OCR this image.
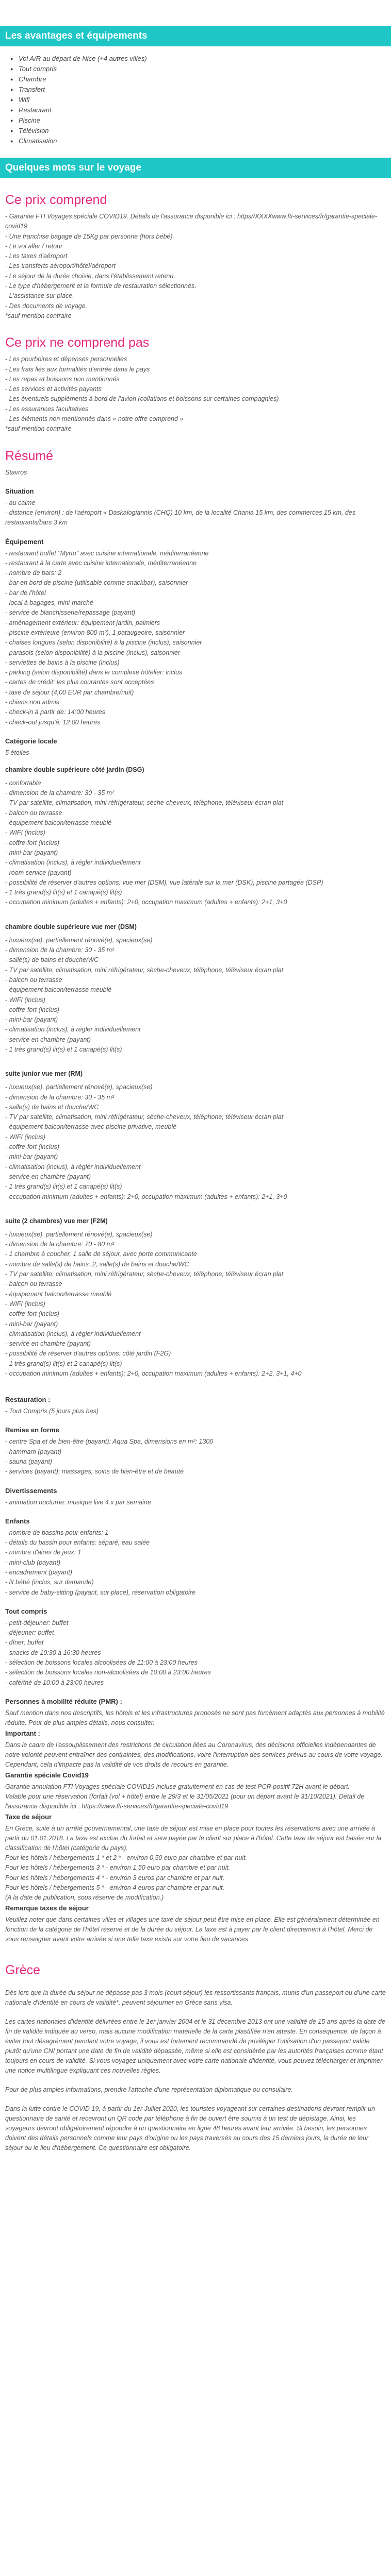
Les avantages et équipements
● Vol A/R au départ de Nice (+4 autres villes)
● Tout compris
● Chambre
● Transfert
● Wifi
● Restaurant
● Piscine
● Télévision
● Climatisation
Quelques mots sur le voyage
Ce prix comprend

- Garantie FTI Voyages spéciale COVID19. Détails de l'assurance disponible ici : https//XXXXwww.fti-services/fr/garantie-speciale-covid19

- Une franchise bagage de 15Kg par personne (hors bébé)

- Le vol aller / retour

- Les taxes d'aéroport

- Les transferts aéroport/hôtel/aéroport

- Le séjour de la durée choisie, dans l'établissement retenu.

- Le type d'hébergement et la formule de restauration sélectionnés.

- L'assistance sur place.

- Des documents de voyage.

*sauf mention contraire

Ce prix ne comprend pas

- Les pourboires et dépenses personnelles

- Les frais liés aux formalités d'entrée dans le pays

- Les repas et boissons non mentionnés

- Les services et activités payants

- Les éventuels suppléments à bord de l'avion (collations et boissons sur certaines compagnies)

- Les assurances facultatives

- Les éléments non mentionnés dans « notre offre comprend »

*sauf mention contraire

Résumé

Stavros

Situation

- au calme

- distance (environ) : de l'aéroport « Daskalogiannis (CHQ) 10 km, de la localité Chania 15 km, des commerces 15 km, des restaurants/bars 3 km

Équipement

- restaurant buffet "Myrto" avec cuisine internationale, méditerranéenne

- restaurant à la carte avec cuisine internationale, méditerranéenne

- nombre de bars: 2

- bar en bord de piscine (utilisable comme snackbar), saisonnier

- bar de l'hôtel

- local à bagages, mini-marché

- service de blanchisserie/repassage (payant)

- aménagement extérieur: équipement jardin, palmiers

- piscine extérieure (environ 800 m²), 1 pataugeoire, saisonnier

- chaises longues (selon disponibilité) à la piscine (inclus), saisonnier

- parasols (selon disponibilité) à la piscine (inclus), saisonnier

- serviettes de bains à la piscine (inclus)

- parking (selon disponibilité) dans le complexe hôtelier: inclus

- cartes de crédit: les plus courantes sont acceptées

- taxe de séjour (4,00 EUR par chambre/nuit)

- chiens non admis

- check-in à partir de: 14:00 heures

- check-out jusqu'à: 12:00 heures

Catégorie locale

5 étoiles

chambre double supérieure côté jardin (DSG)

- confortable

- dimension de la chambre: 30 - 35 m²

- TV par satellite, climatisation, mini réfrigérateur, sèche-cheveux, téléphone, téléviseur écran plat

- balcon ou terrasse

- équipement balcon/terrasse meublé

- WIFI (inclus)

- coffre-fort (inclus)

- mini-bar (payant)

- climatisation (inclus), à régler individuellement

- room service (payant)

- possibilité de réserver d'autres options: vue mer (DSM), vue latérale sur la mer (DSK), piscine partagée (DSP)

- 1 très grand(s) lit(s) et 1 canapé(s) lit(s)

- occupation minimum (adultes + enfants): 2+0, occupation maximum (adultes + enfants): 2+1, 3+0

chambre double supérieure vue mer (DSM)

- luxueux(se), partiellement rénové(e), spacieux(se)

- dimension de la chambre: 30 - 35 m²

- salle(s) de bains et douche/WC

- TV par satellite, climatisation, mini réfrigérateur, sèche-cheveux, téléphone, téléviseur écran plat

- balcon ou terrasse

- équipement balcon/terrasse meublé

- WIFI (inclus)

- coffre-fort (inclus)

- mini-bar (payant)

- climatisation (inclus), à régler individuellement

- service en chambre (payant)

- 1 très grand(s) lit(s) et 1 canapé(s) lit(s)

suite junior vue mer (RM)

- luxueux(se), partiellement rénové(e), spacieux(se)

- dimension de la chambre: 30 - 35 m²

- salle(s) de bains et douche/WC

- TV par satellite, climatisation, mini réfrigérateur, sèche-cheveux, téléphone, téléviseur écran plat

- équipement balcon/terrasse avec piscine privative, meublé

- WIFI (inclus)

- coffre-fort (inclus)

- mini-bar (payant)

- climatisation (inclus), à régler individuellement

- service en chambre (payant)

- 1 très grand(s) lit(s) et 1 canapé(s) lit(s)

- occupation minimum (adultes + enfants): 2+0, occupation maximum (adultes + enfants): 2+1, 3+0

suite (2 chambres) vue mer (F2M)

- luxueux(se), partiellement rénové(e), spacieux(se)

- dimension de la chambre: 70 - 80 m²

- 1 chambre à coucher, 1 salle de séjour, avec porte communicante

- nombre de salle(s) de bains: 2, salle(s) de bains et douche/WC

- TV par satellite, climatisation, mini réfrigérateur, sèche-cheveux, téléphone, téléviseur écran plat

- balcon ou terrasse

- équipement balcon/terrasse meublé

- WIFI (inclus)

- coffre-fort (inclus)

- mini-bar (payant)

- climatisation (inclus), à régler individuellement

- service en chambre (payant)

- possibilité de réserver d'autres options: côté jardin (F2G)

- 1 très grand(s) lit(s) et 2 canapé(s) lit(s)

- occupation minimum (adultes + enfants): 2+0, occupation maximum (adultes + enfants): 2+2, 3+1, 4+0

Restauration :

- Tout Compris (5 jours plus bas)

Remise en forme

- centre Spa et de bien-être (payant): Aqua Spa, dimensions en m²: 1300

- hammam (payant)

- sauna (payant)

- services (payant): massages, soins de bien-être et de beauté

Divertissements

- animation nocturne: musique live 4 x par semaine

Enfants

- nombre de bassins pour enfants: 1

- détails du bassin pour enfants: séparé, eau salée

- nombre d'aires de jeux: 1

- mini-club (payant)

- encadrement (payant)

- lit bébé (inclus, sur demande)

- service de baby-sitting (payant, sur place), réservation obligatoire

Tout compris

- petit-déjeuner: buffet

- déjeuner: buffet

- dîner: buffet

- snacks de 10:30 à 16:30 heures

- sélection de boissons locales alcoolisées de 11:00 à 23:00 heures

- sélection de boissons locales non-alcoolisées de 10:00 à 23:00 heures

- café/thé de 10:00 à 23:00 heures

Personnes à mobilité réduite (PMR) :

Sauf mention dans nos descriptifs, les hôtels et les infrastructures proposés ne sont pas forcément adaptés aux personnes à mobilité réduite. Pour de plus amples détails, nous consulter.

Important :

Dans le cadre de l'assouplissement des restrictions de circulation liées au Coronavirus, des décisions officielles indépendantes de notre volonté peuvent entraîner des contraintes, des modifications, voire l'interruption des services prévus au cours de votre voyage.

Cependant, cela n'impacte pas la validité de vos droits de recours en garantie.

Garantie spéciale Covid19

Garantie annulation FTI Voyages spéciale COVID19 incluse gratuitement en cas de test PCR positif 72H avant le départ.

Valable pour une réservation (forfait (vol + hôtel) entre le 29/3 et le 31/05/2021 (pour un départ avant le 31/10/2021). Détail de l'assurance disponible ici : https://www.fti-services/fr/garantie-speciale-covid19

Taxe de séjour

En Grèce, suite à un arrêté gouvernemental, une taxe de séjour est mise en place pour toutes les réservations avec une arrivée à partir du 01.01.2018. La taxe est exclue du forfait et sera payée par le client sur place à l'hôtel. Cette taxe de séjour est basée sur la classification de l'hôtel (catégorie du pays).

Pour les hôtels / hébergements 1 * et 2 * - environ 0,50 euro par chambre et par nuit.

Pour les hôtels / hébergements 3 * - environ 1,50 euro par chambre et par nuit.

Pour les hôtels / hébergements 4 * - environ 3 euros par chambre et par nuit.

Pour les hôtels / hébergements 5 * - environ 4 euros par chambre et par nuit.

(A la date de publication, sous réserve de modification.)

Remarque taxes de séjour

Veuillez noter que dans certaines villes et villages une taxe de séjour peut être mise en place. Elle est généralement déterminée en fonction de la catégorie de l'hôtel réservé et de la durée du séjour. La taxe est à payer par le client directement à l'hôtel. Merci de vous renseigner avant votre arrivée si une telle taxe existe sur votre lieu de vacances.

Grèce

Dès lors que la durée du séjour ne dépasse pas 3 mois (court séjour) les ressortissants français, munis d'un passeport ou d'une carte nationale d'identité en cours de validité*, peuvent séjourner en Grèce sans visa.

Les cartes nationales d'identité délivrées entre le 1er janvier 2004 et le 31 décembre 2013 ont une validité de 15 ans après la date de fin de validité indiquée au verso, mais aucune modification matérielle de la carte plastifiée n'en atteste. En conséquence, de façon à éviter tout désagrément pendant votre voyage, il vous est fortement recommandé de privilégier l'utilisation d'un passeport valide plutôt qu'une CNI portant une date de fin de validité dépassée, même si elle est considérée par les autorités françaises comme étant toujours en cours de validité. Si vous voyagez uniquement avec votre carte nationale d'identité, vous pouvez télécharger et imprimer une notice multilingue expliquant ces nouvelles règles.

Pour de plus amples informations, prendre l'attache d'une représentation diplomatique ou consulaire.

Dans la lutte contre le COVID 19, à partir du 1er Juillet 2020, les touristes voyageant sur certaines destinations devront remplir un questionnaire de santé et recevront un QR code par téléphone à fin de ouvert être soumis à un test de dépistage. Ainsi, les voyageurs devront obligatoirement répondre à un questionnaire en ligne 48 heures avant leur arrivée. Si besoin, les personnes doivent des détails personnels comme leur pays d'origine ou les pays traversés au cours des 15 derniers jours, la durée de leur séjour ou le lieu d'hébergement. Ce questionnaire est obligatoire.
